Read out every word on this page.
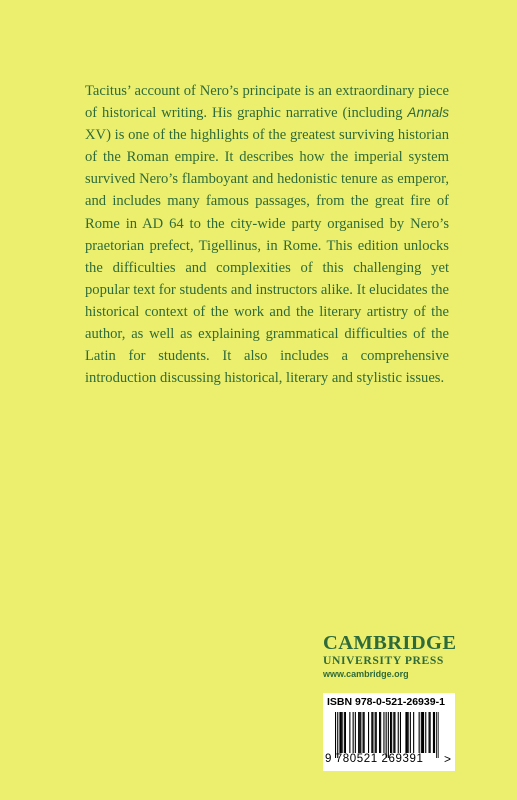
Tacitus’ account of Nero’s principate is an extraordinary piece of historical writing. His graphic narrative (including Annals XV) is one of the highlights of the greatest surviving historian of the Roman empire. It describes how the imperial system survived Nero’s flamboyant and hedonistic tenure as emperor, and includes many famous passages, from the great fire of Rome in AD 64 to the city-wide party organised by Nero’s praetorian prefect, Tigellinus, in Rome. This edition unlocks the difficulties and complexities of this challenging yet popular text for students and instructors alike. It elucidates the historical context of the work and the literary artistry of the author, as well as explaining grammatical difficulties of the Latin for students. It also includes a comprehensive introduction discussing historical, literary and stylistic issues.

CAMBRIDGE
UNIVERSITY PRESS
www.cambridge.org
ISBN 978-0-521-26939-1
9 780521 269391 >
